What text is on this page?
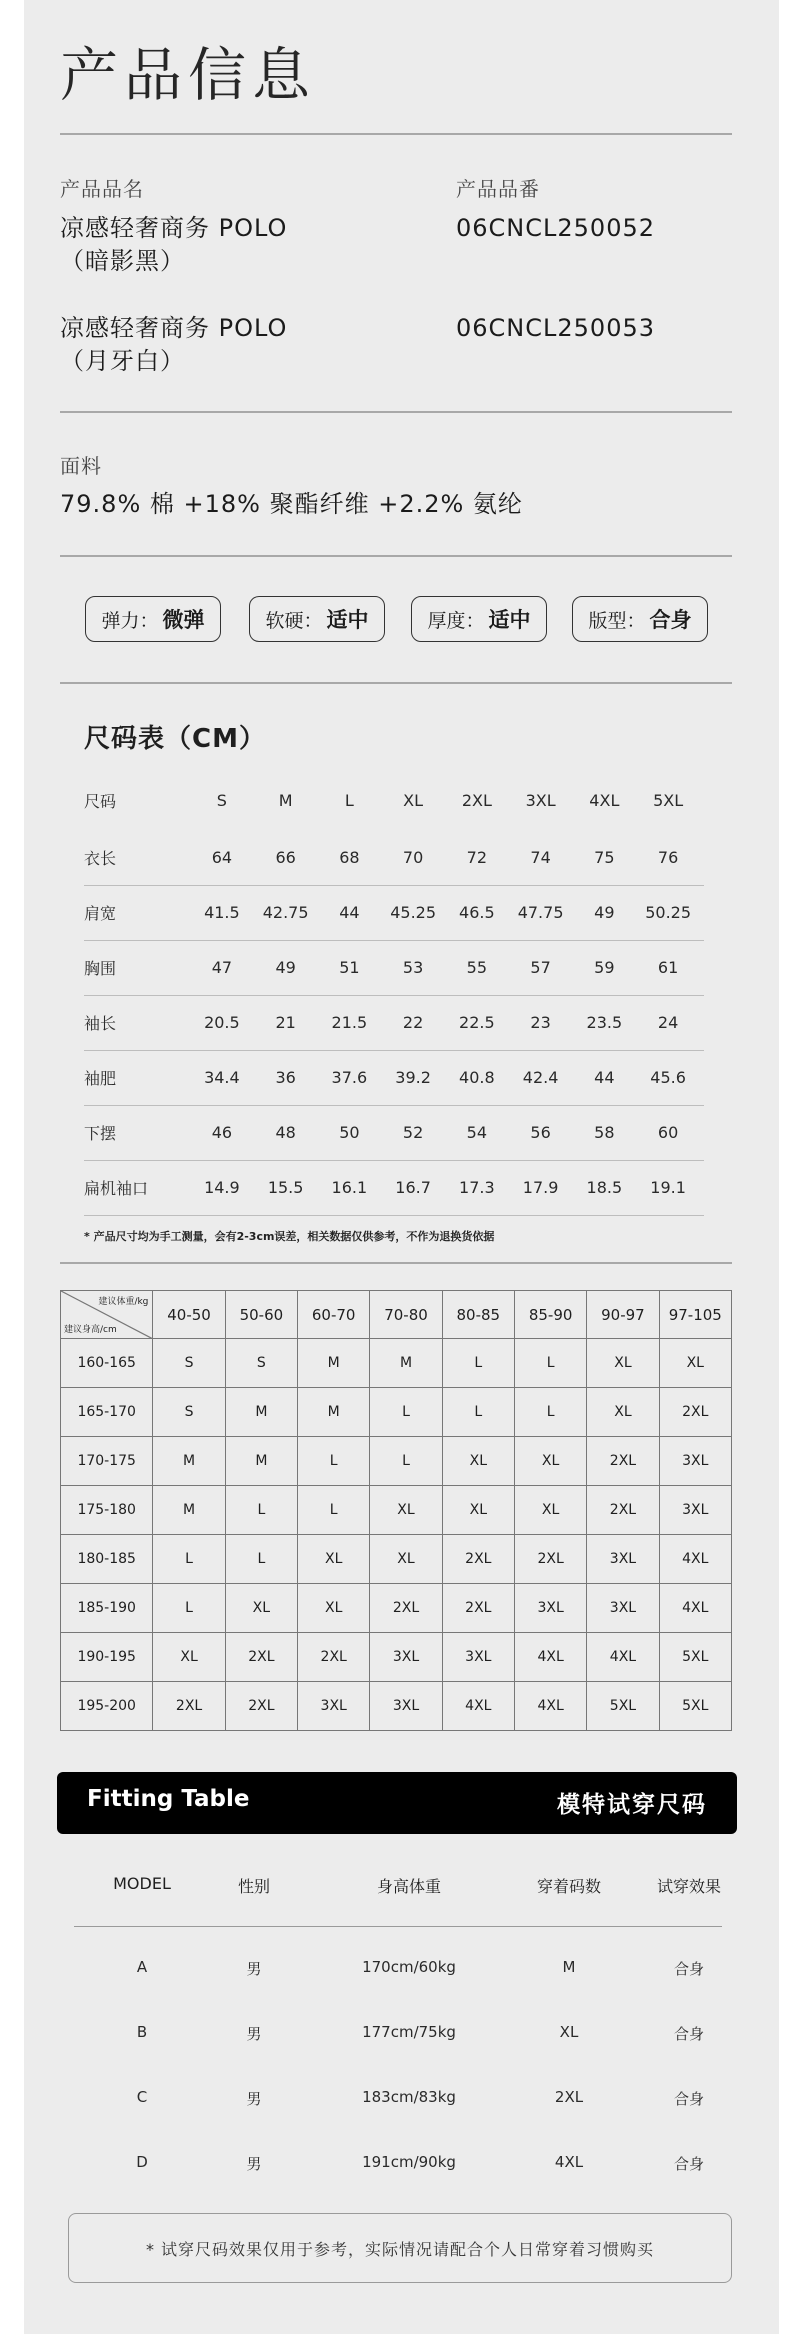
产品信息
产品品名	产品品番
凉感轻奢商务 POLO
（暗影黑）
06CNCL250052
凉感轻奢商务 POLO
（月牙白）
06CNCL250053
面料
79.8% 棉 +18% 聚酯纤维 +2.2% 氨纶
弹力： 微弹	软硬： 适中	厚度： 适中	版型： 合身
尺码表（CM）
尺码	S	M	L	XL	2XL	3XL	4XL	5XL
衣长	64	66	68	70	72	74	75	76
肩宽	41.5	42.75	44	45.25	46.5	47.75	49	50.25
胸围	47	49	51	53	55	57	59	61
袖长	20.5	21	21.5	22	22.5	23	23.5	24
袖肥	34.4	36	37.6	39.2	40.8	42.4	44	45.6
下摆	46	48	50	52	54	56	58	60
扁机袖口	14.9	15.5	16.1	16.7	17.3	17.9	18.5	19.1
* 产品尺寸均为手工测量，会有2-3cm误差，相关数据仅供参考，不作为退换货依据
建议体重/kg
建议身高/cm	40-50	50-60	60-70	70-80	80-85	85-90	90-97	97-105
160-165	S	S	M	M	L	L	XL	XL
165-170	S	M	M	L	L	L	XL	2XL
170-175	M	M	L	L	XL	XL	2XL	3XL
175-180	M	L	L	XL	XL	XL	2XL	3XL
180-185	L	L	XL	XL	2XL	2XL	3XL	4XL
185-190	L	XL	XL	2XL	2XL	3XL	3XL	4XL
190-195	XL	2XL	2XL	3XL	3XL	4XL	4XL	5XL
195-200	2XL	2XL	3XL	3XL	4XL	4XL	5XL	5XL
Fitting Table	模特试穿尺码
MODEL	性别	身高体重	穿着码数	试穿效果
A	男	170cm/60kg	M	合身
B	男	177cm/75kg	XL	合身
C	男	183cm/83kg	2XL	合身
D	男	191cm/90kg	4XL	合身
* 试穿尺码效果仅用于参考，实际情况请配合个人日常穿着习惯购买
